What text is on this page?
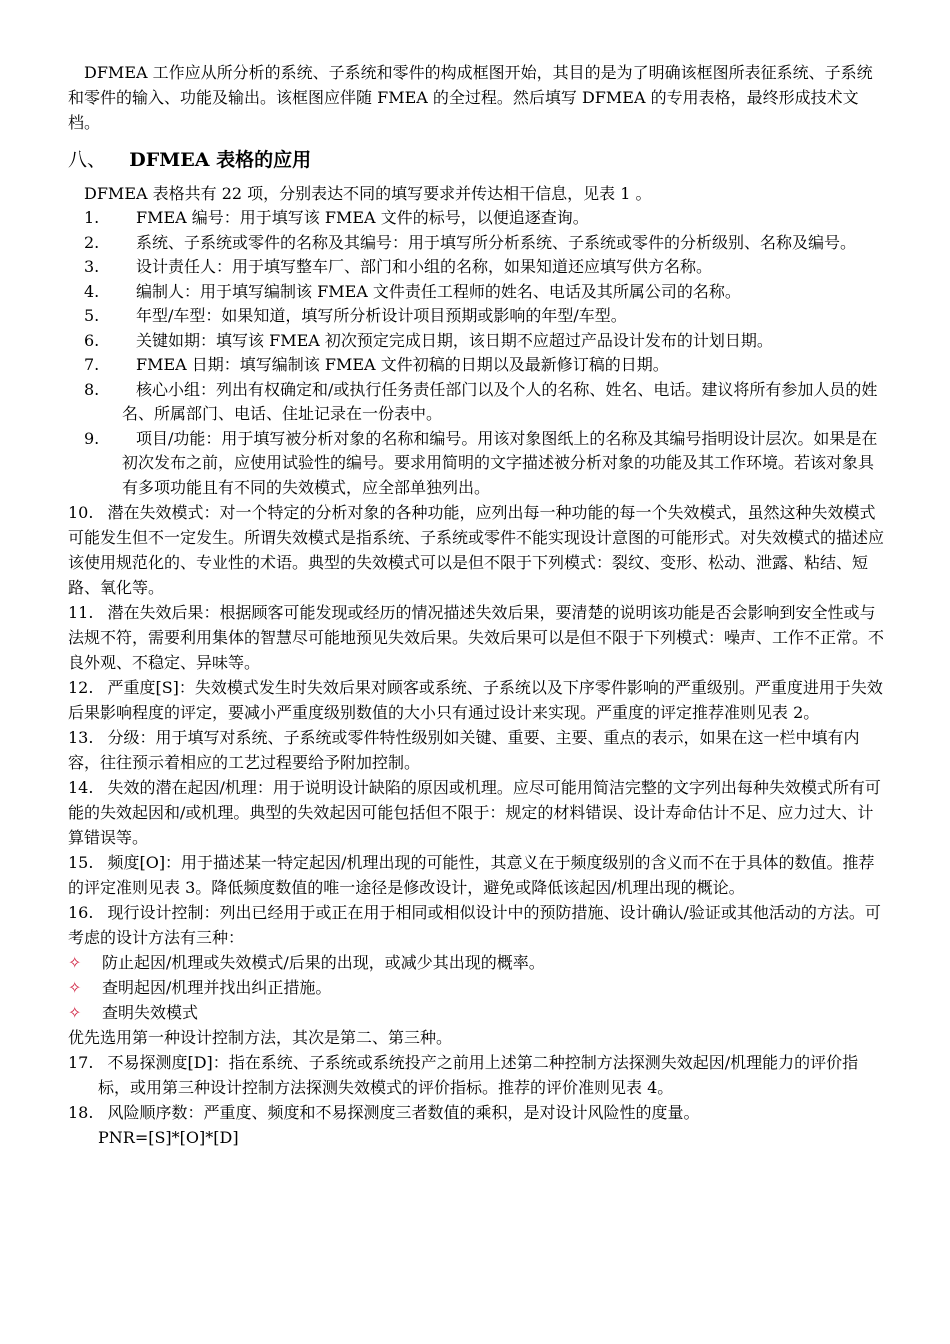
DFMEA 工作应从所分析的系统、子系统和零件的构成框图开始，其目的是为了明确该框图所表征系统、子系统和零件的输入、功能及输出。该框图应伴随 FMEA 的全过程。然后填写 DFMEA 的专用表格，最终形成技术文档。

八、 DFMEA 表格的应用

DFMEA 表格共有 22 项，分别表达不同的填写要求并传达相干信息，见表 1 。

1.	FMEA 编号：用于填写该 FMEA 文件的标号，以便追逐查询。
2.	系统、子系统或零件的名称及其编号：用于填写所分析系统、子系统或零件的分析级别、名称及编号。
3.	设计责任人：用于填写整车厂、部门和小组的名称，如果知道还应填写供方名称。
4.	编制人：用于填写编制该 FMEA 文件责任工程师的姓名、电话及其所属公司的名称。
5.	年型/车型：如果知道，填写所分析设计项目预期或影响的年型/车型。
6.	关键如期：填写该 FMEA 初次预定完成日期，该日期不应超过产品设计发布的计划日期。
7.	FMEA 日期：填写编制该 FMEA 文件初稿的日期以及最新修订稿的日期。
8.	核心小组：列出有权确定和/或执行任务责任部门以及个人的名称、姓名、电话。建议将所有参加人员的姓名、所属部门、电话、住址记录在一份表中。
9.	项目/功能：用于填写被分析对象的名称和编号。用该对象图纸上的名称及其编号指明设计层次。如果是在初次发布之前，应使用试验性的编号。要求用简明的文字描述被分析对象的功能及其工作环境。若该对象具有多项功能且有不同的失效模式，应全部单独列出。

10. 潜在失效模式：对一个特定的分析对象的各种功能，应列出每一种功能的每一个失效模式，虽然这种失效模式可能发生但不一定发生。所谓失效模式是指系统、子系统或零件不能实现设计意图的可能形式。对失效模式的描述应该使用规范化的、专业性的术语。典型的失效模式可以是但不限于下列模式：裂纹、变形、松动、泄露、粘结、短路、氧化等。

11. 潜在失效后果：根据顾客可能发现或经历的情况描述失效后果，要清楚的说明该功能是否会影响到安全性或与法规不符，需要利用集体的智慧尽可能地预见失效后果。失效后果可以是但不限于下列模式：噪声、工作不正常。不良外观、不稳定、异味等。

12. 严重度[S]：失效模式发生时失效后果对顾客或系统、子系统以及下序零件影响的严重级别。严重度进用于失效后果影响程度的评定，要减小严重度级别数值的大小只有通过设计来实现。严重度的评定推荐准则见表 2。

13. 分级：用于填写对系统、子系统或零件特性级别如关键、重要、主要、重点的表示，如果在这一栏中填有内容，往往预示着相应的工艺过程要给予附加控制。

14. 失效的潜在起因/机理：用于说明设计缺陷的原因或机理。应尽可能用简洁完整的文字列出每种失效模式所有可能的失效起因和/或机理。典型的失效起因可能包括但不限于：规定的材料错误、设计寿命估计不足、应力过大、计算错误等。

15. 频度[O]：用于描述某一特定起因/机理出现的可能性，其意义在于频度级别的含义而不在于具体的数值。推荐的评定准则见表 3。降低频度数值的唯一途径是修改设计，避免或降低该起因/机理出现的概论。

16. 现行设计控制：列出已经用于或正在用于相同或相似设计中的预防措施、设计确认/验证或其他活动的方法。可考虑的设计方法有三种：

✧	防止起因/机理或失效模式/后果的出现，或减少其出现的概率。
✧	查明起因/机理并找出纠正措施。
✧	查明失效模式

优先选用第一种设计控制方法，其次是第二、第三种。

17. 不易探测度[D]：指在系统、子系统或系统投产之前用上述第二种控制方法探测失效起因/机理能力的评价指标，或用第三种设计控制方法探测失效模式的评价指标。推荐的评价准则见表 4。

18. 风险顺序数：严重度、频度和不易探测度三者数值的乘积，是对设计风险性的度量。

PNR=[S]*[O]*[D]
